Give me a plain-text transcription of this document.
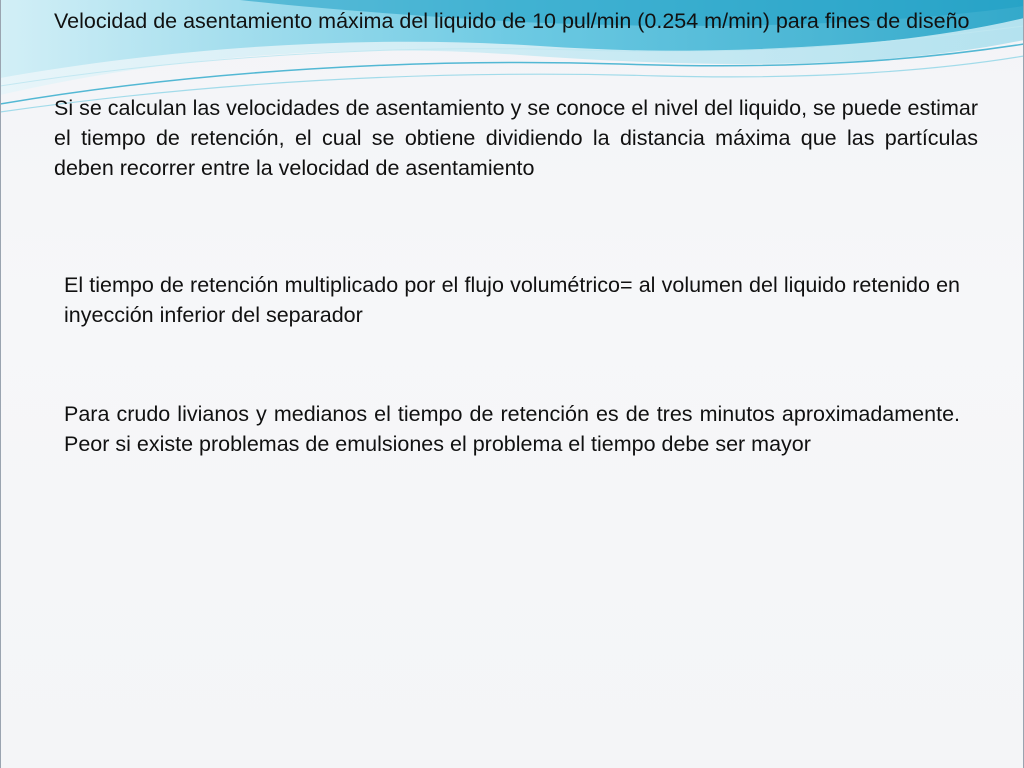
Velocidad de asentamiento máxima del liquido de 10 pul/min (0.254 m/min) para fines de diseño

Si se calculan las velocidades de asentamiento y se conoce el nivel del liquido, se puede estimar el tiempo de retención, el cual se obtiene dividiendo la distancia máxima que las partículas deben recorrer entre la velocidad de asentamiento

El tiempo de retención multiplicado por el flujo volumétrico= al volumen del liquido retenido en inyección inferior del separador

Para crudo livianos y medianos el tiempo de retención es de tres minutos aproximadamente. Peor si existe problemas de emulsiones el problema el tiempo debe ser mayor
